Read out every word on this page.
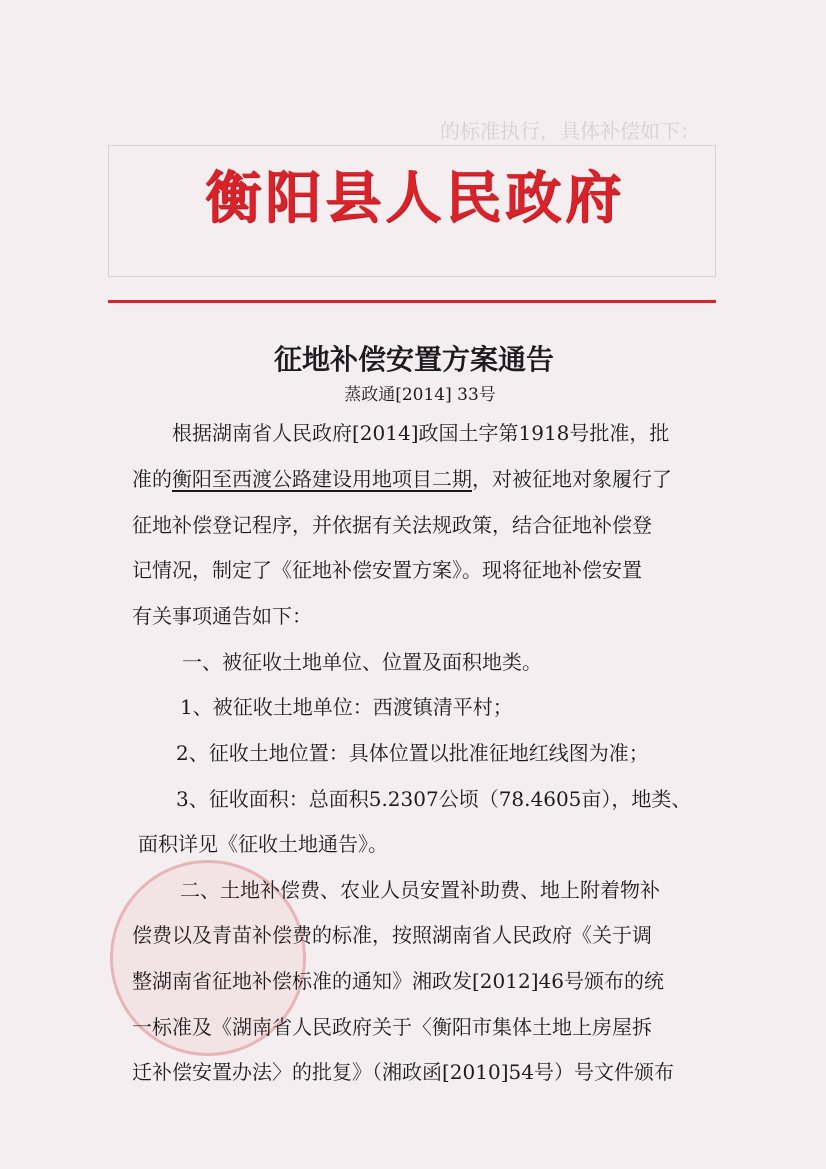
的标准执行，具体补偿如下：
衡阳县人民政府
征地补偿安置方案通告
蒸政通[2014] 33号
根据湖南省人民政府[2014]政国土字第1918号批准，批
准的衡阳至西渡公路建设用地项目二期，对被征地对象履行了
征地补偿登记程序，并依据有关法规政策，结合征地补偿登
记情况，制定了《征地补偿安置方案》。现将征地补偿安置
有关事项通告如下：
一、被征收土地单位、位置及面积地类。
1、被征收土地单位：西渡镇清平村；
2、征收土地位置：具体位置以批准征地红线图为准；
3、征收面积：总面积5.2307公顷（78.4605亩），地类、
面积详见《征收土地通告》。
二、土地补偿费、农业人员安置补助费、地上附着物补
偿费以及青苗补偿费的标准，按照湖南省人民政府《关于调
整湖南省征地补偿标准的通知》湘政发[2012]46号颁布的统
一标准及《湖南省人民政府关于〈衡阳市集体土地上房屋拆
迁补偿安置办法〉的批复》（湘政函[2010]54号）号文件颁布
